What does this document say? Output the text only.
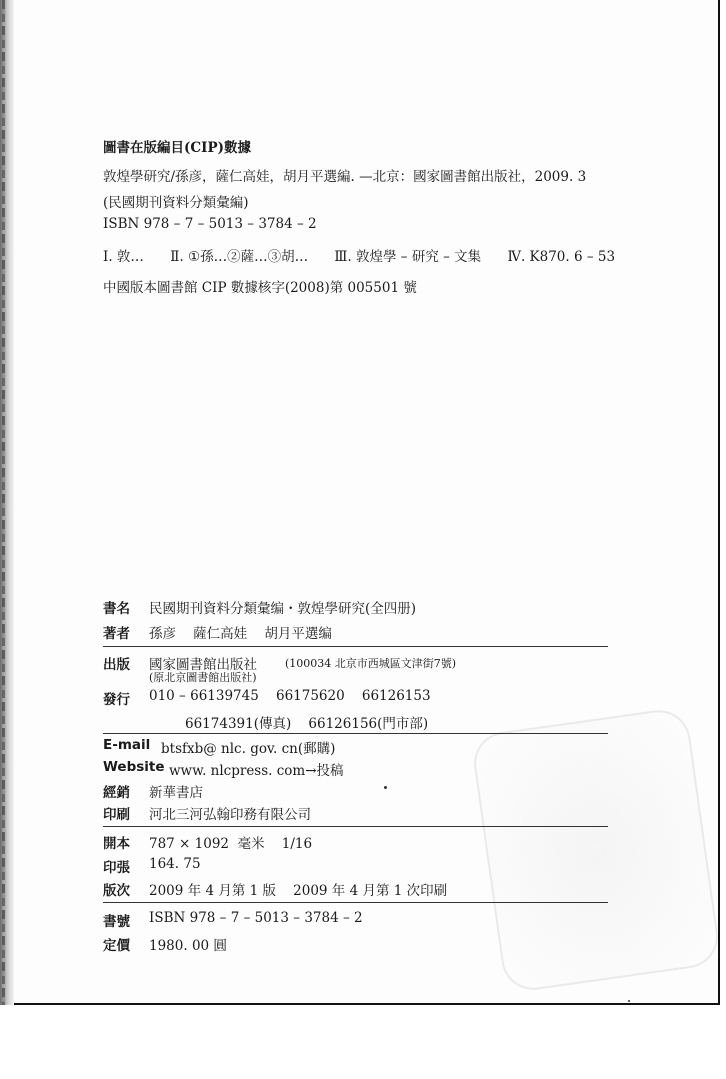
圖書在版編目(CIP)數據
敦煌學研究/孫彦，薩仁高娃，胡月平選編. —北京：國家圖書館出版社，2009. 3
(民國期刊資料分類彙編)
ISBN 978 – 7 – 5013 – 3784 – 2
Ⅰ. 敦… Ⅱ. ①孫…②薩…③胡… Ⅲ. 敦煌學 – 研究 – 文集 Ⅳ. K870. 6 – 53
中國版本圖書館 CIP 數據核字(2008)第 005501 號
書名 民國期刊資料分類彙编・敦煌學研究(全四册)
著者 孫彦    薩仁高娃    胡月平選编
出版 國家圖書館出版社	(100034 北京市西城區文津街7號)
(原北京圖書館出版社)
發行 010 – 66139745    66175620    66126153
66174391(傳真)    66126156(門市部)
E-mail btsfxb@ nlc. gov. cn(郵購)
Website www. nlcpress. com→投稿
經銷 新華書店
印刷 河北三河弘翰印務有限公司
開本 787 × 1092  毫米    1/16
印張 164. 75
版次 2009 年 4 月第 1 版    2009 年 4 月第 1 次印刷
書號 ISBN 978 – 7 – 5013 – 3784 – 2
定價 1980. 00 圓
